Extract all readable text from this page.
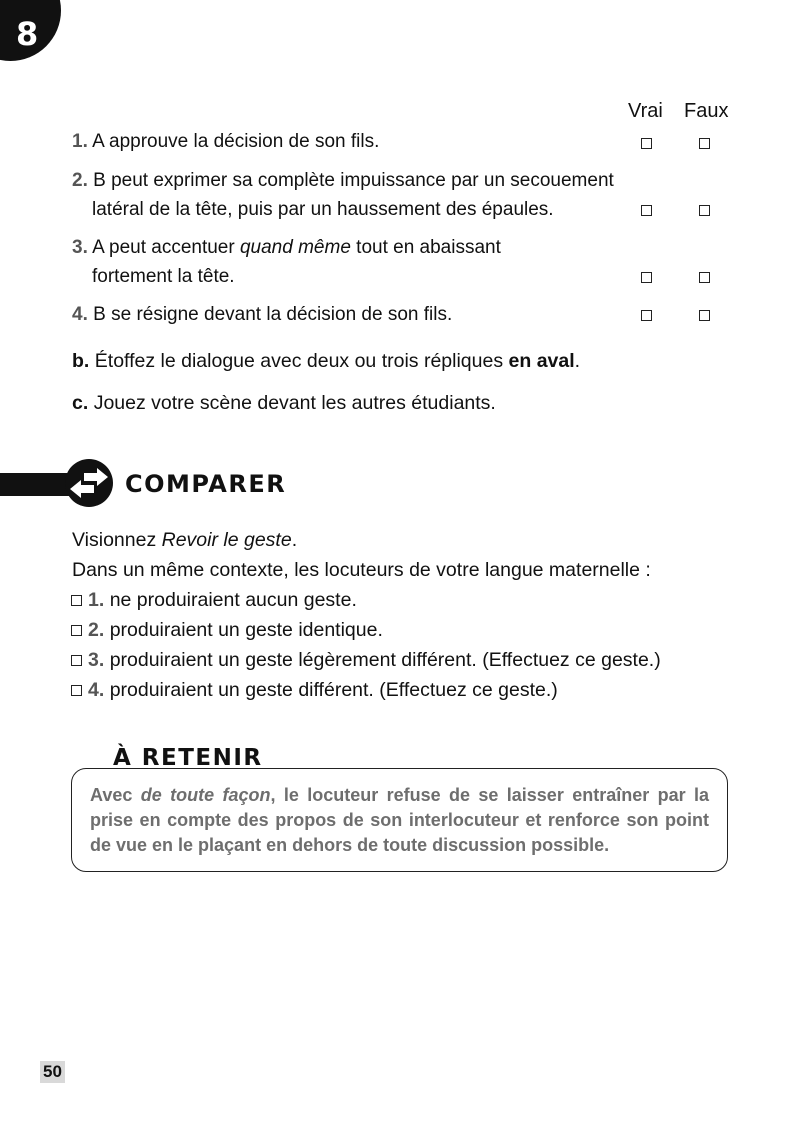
8
Vrai Faux
1. A approuve la décision de son fils.
2. B peut exprimer sa complète impuissance par un secouement
latéral de la tête, puis par un haussement des épaules.
3. A peut accentuer quand même tout en abaissant
fortement la tête.
4. B se résigne devant la décision de son fils.
b. Étoffez le dialogue avec deux ou trois répliques en aval.
c. Jouez votre scène devant les autres étudiants.
COMPARER
Visionnez Revoir le geste.
Dans un même contexte, les locuteurs de votre langue maternelle :
1. ne produiraient aucun geste.
2. produiraient un geste identique.
3. produiraient un geste légèrement différent. (Effectuez ce geste.)
4. produiraient un geste différent. (Effectuez ce geste.)
À RETENIR
Avec de toute façon, le locuteur refuse de se laisser entraîner par la prise en compte des propos de son interlocuteur et renforce son point de vue en le plaçant en dehors de toute discussion possible.
50
